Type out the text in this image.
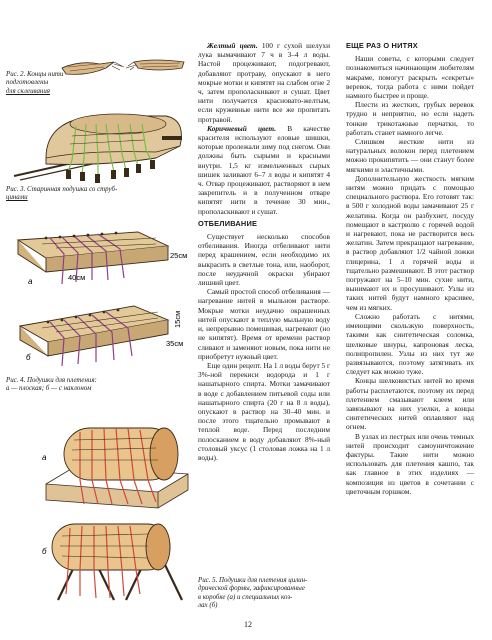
Рис. 2. Концы нити подготовлены
для склеивания
Рис. 3. Старинная подушка со струб-
цинами
40см
25см
а
15см
35см
б
Рис. 4. Подушки для плетения:
а — плоская; б — с наклоном
а
б
Рис. 5. Подушки для плетения цилин-
дрической формы, зафиксированные
в коробке (а) и специальных коз-
лах (б)

Желтый цвет. 100 г сухой шелухи лука вымачивают 7 ч в 3–4 л воды. Настой процеживают, подогревают, добавляют протраву, опускают в него мокрые мотки и кипятят на слабом огне 2 ч, затем прополаскивают и сушат. Цвет нити получается красновато-желтым, если кружевные нити все же пропитать протравой.

Коричневый цвет. В качестве красителя используют еловые шишки, которые пролежали зиму под снегом. Они должны быть сырыми и красными внутри. 1,5 кг измельченных сырых шишек заливают 6–7 л воды и кипятят 4 ч. Отвар процеживают, растворяют в нем закрепитель и в полученном отваре кипятят нити в течение 30 мин., прополаскивают и сушат.

ОТБЕЛИВАНИЕ

Существует несколько способов отбеливания. Иногда отбеливают нити перед крашением, если необходимо их выкрасить в светлые тона, или, наоборот, после неудачной окраски убирают лишний цвет.

Самый простой способ отбеливания — нагревание нитей в мыльном растворе. Мокрые мотки неудачно окрашенных нитей опускают в теплую мыльную воду и, непрерывно помешивая, нагревают (но не кипятят). Время от времени раствор сливают и заменяют новым, пока нити не приобретут нужный цвет.

Еще один рецепт. На 1 л воды берут 5 г 3%-ной перекиси водорода и 1 г нашатырного спирта. Мотки замачивают в воде с добавлением питьевой соды или нашатырного спирта (20 г на 8 л воды), опускают в раствор на 30–40 мин. и после этого тщательно промывают в теплой воде. Перед последним полосканием в воду добавляют 8%-ный столовый уксус (1 столовая ложка на 1 л воды).

ЕЩЕ РАЗ О НИТЯХ

Наши советы, с которыми следует познакомиться начинающим любителям макраме, помогут раскрыть «секреты» веревок, тогда работа с ними пойдет намного быстрее и проще.

Плести из жестких, грубых веревок трудно и неприятно, но если надеть тонкие трикотажные перчатки, то работать станет намного легче.

Слишком жесткие нити из натуральных волокон перед плетением можно прокипятить — они станут более мягкими и эластичными.

Дополнительную жесткость мягким нитям можно придать с помощью специального раствора. Его готовят так: в 500 г холодной воды замачивают 25 г желатина. Когда он разбухнет, посуду помещают в кастрюлю с горячей водой и нагревают, пока не растворится весь желатин. Затем прекращают нагревание, в раствор добавляют 1/2 чайной ложки глицерина, 1 л горячей воды и тщательно размешивают. В этот раствор погружают на 5–10 мин. сухие нити, вынимают их и просушивают. Узлы из таких нитей будут намного красивее, чем из мягких.

Сложно работать с нитями, имеющими скользкую поверхность, такими как синтетическая соломка, шелковые шнуры, капроновая леска, полипропилен. Узлы из них тут же развязываются, поэтому затягивать их следует как можно туже.

Концы шелковистых нитей во время работы расплетаются, поэтому их перед плетением смазывают клеем или завязывают на них узелки, а концы синтетических нитей оплавляют над огнем.

В узлах из пестрых или очень темных нитей происходит самоуничтожение фактуры. Такие нити можно использовать для плетения кашпо, так как главное в этих изделиях — композиция из цветов в сочетании с цветочным горшком.

12
